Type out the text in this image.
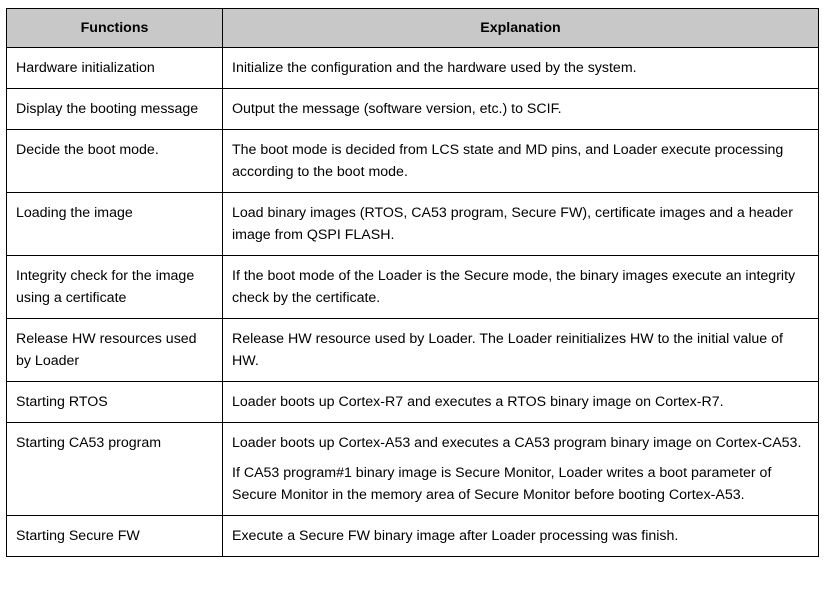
Functions	Explanation
Hardware initialization	Initialize the configuration and the hardware used by the system.

Display the booting message	Output the message (software version, etc.) to SCIF.

Decide the boot mode.	The boot mode is decided from LCS state and MD pins, and Loader execute processing according to the boot mode.

Loading the image	Load binary images (RTOS, CA53 program, Secure FW), certificate images and a header image from QSPI FLASH.

Integrity check for the image using a certificate	If the boot mode of the Loader is the Secure mode, the binary images execute an integrity check by the certificate.

Release HW resources used by Loader	Release HW resource used by Loader. The Loader reinitializes HW to the initial value of HW.

Starting RTOS	Loader boots up Cortex-R7 and executes a RTOS binary image on Cortex-R7.

Starting CA53 program	Loader boots up Cortex-A53 and executes a CA53 program binary image on Cortex-CA53.

If CA53 program#1 binary image is Secure Monitor, Loader writes a boot parameter of Secure Monitor in the memory area of Secure Monitor before booting Cortex-A53.

Starting Secure FW	Execute a Secure FW binary image after Loader processing was finish.
